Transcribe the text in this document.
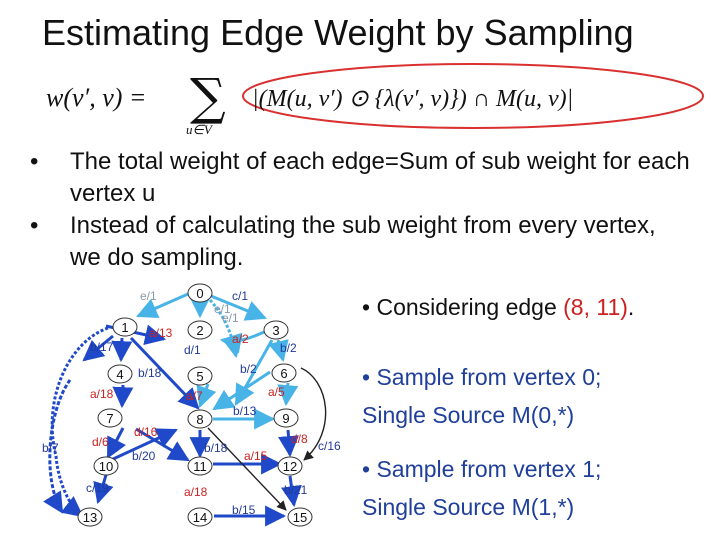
Estimating Edge Weight by Sampling
w(v′, v) = ∑
u∈V
|(M(u, v′) ⊙ {λ(v′, v)}) ∩ M(u, v)|
• The total weight of each edge=Sum of sub weight for each vertex u
• Instead of calculating the sub weight from every vertex, we do sampling.
0
1	2	3
4	5	6
7	8	9
10	11	12
13	14	15
e/1	c/1
e/1
e/1
a/13	a/2
b/17	d/1	b/2
b/18	b/2
a/18	a/5
a/7
b/13
d/16
d/6
b/7
b/20
b/18
a/15
d/8 c/16
c/19	a/18	b/21
b/15
• Considering edge (8, 11).
• Sample from vertex 0;
Single Source M(0,*)
• Sample from vertex 1;
Single Source M(1,*)
